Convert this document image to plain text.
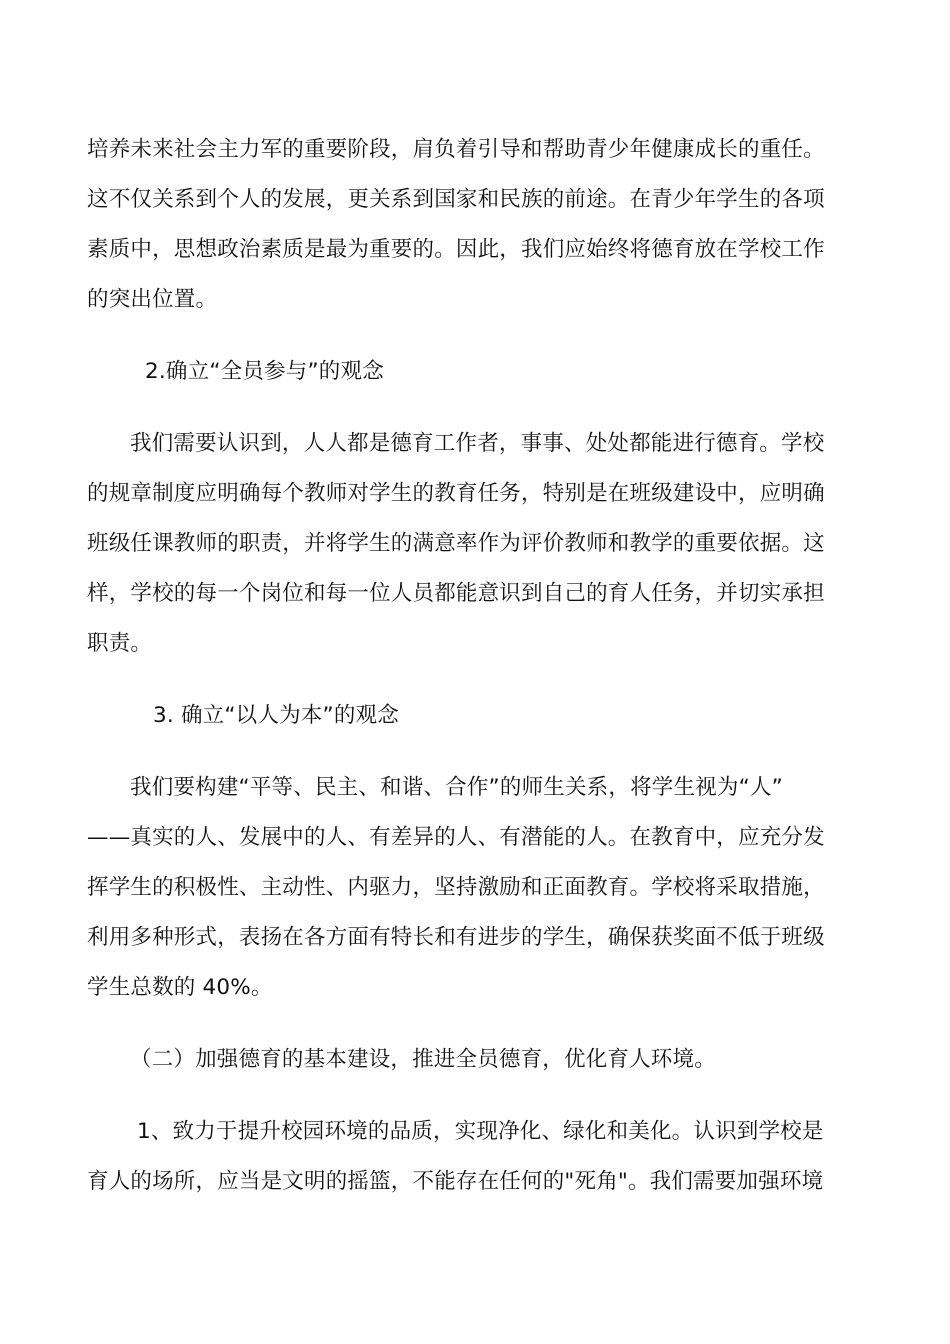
培养未来社会主力军的重要阶段，肩负着引导和帮助青少年健康成长的重任。
这不仅关系到个人的发展，更关系到国家和民族的前途。在青少年学生的各项
素质中，思想政治素质是最为重要的。因此，我们应始终将德育放在学校工作
的突出位置。
2.确立“全员参与”的观念
我们需要认识到，人人都是德育工作者，事事、处处都能进行德育。学校
的规章制度应明确每个教师对学生的教育任务，特别是在班级建设中，应明确
班级任课教师的职责，并将学生的满意率作为评价教师和教学的重要依据。这
样，学校的每一个岗位和每一位人员都能意识到自己的育人任务，并切实承担
职责。
3. 确立“以人为本”的观念
我们要构建“平等、民主、和谐、合作”的师生关系，将学生视为“人”
——真实的人、发展中的人、有差异的人、有潜能的人。在教育中，应充分发
挥学生的积极性、主动性、内驱力，坚持激励和正面教育。学校将采取措施，
利用多种形式，表扬在各方面有特长和有进步的学生，确保获奖面不低于班级
学生总数的 40%。
（二）加强德育的基本建设，推进全员德育，优化育人环境。
1、致力于提升校园环境的品质，实现净化、绿化和美化。认识到学校是
育人的场所，应当是文明的摇篮，不能存在任何的"死角"。我们需要加强环境
